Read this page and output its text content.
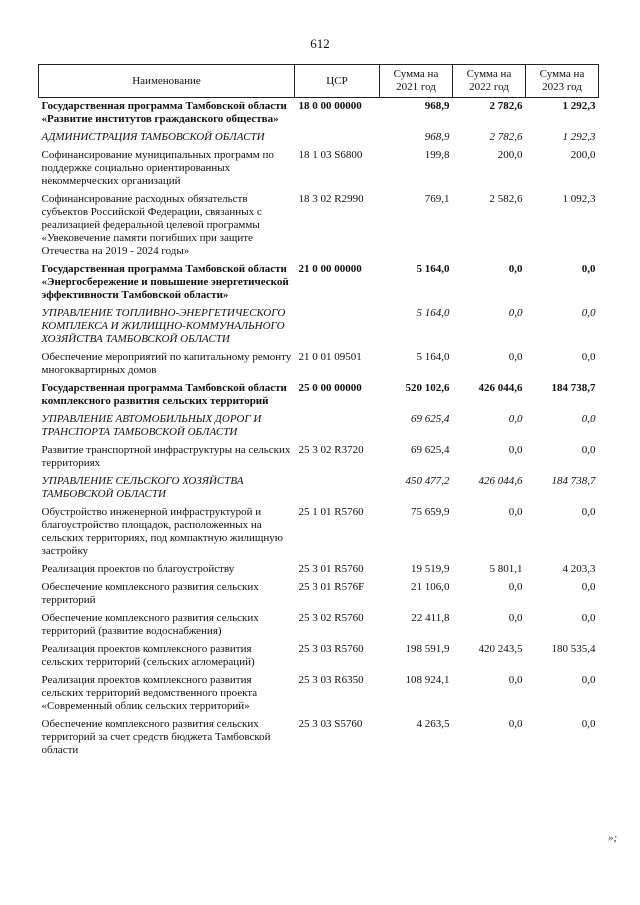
612
Наименование	ЦСР	Сумма на 2021 год	Сумма на 2022 год	Сумма на 2023 год
Государственная программа Тамбовской области «Развитие институтов гражданского общества»	18 0 00 00000	968,9	2 782,6	1 292,3
АДМИНИСТРАЦИЯ ТАМБОВСКОЙ ОБЛАСТИ		968,9	2 782,6	1 292,3
Софинансирование муниципальных программ по поддержке социально ориентированных некоммерческих организаций	18 1 03 S6800	199,8	200,0	200,0
Софинансирование расходных обязательств субъектов Российской Федерации, связанных с реализацией федеральной целевой программы «Увековечение памяти погибших при защите Отечества на 2019 - 2024 годы»	18 3 02 R2990	769,1	2 582,6	1 092,3
Государственная программа Тамбовской области «Энергосбережение и повышение энергетической эффективности Тамбовской области»	21 0 00 00000	5 164,0	0,0	0,0
УПРАВЛЕНИЕ ТОПЛИВНО-ЭНЕРГЕТИЧЕСКОГО КОМПЛЕКСА И ЖИЛИЩНО-КОММУНАЛЬНОГО ХОЗЯЙСТВА ТАМБОВСКОЙ ОБЛАСТИ		5 164,0	0,0	0,0
Обеспечение мероприятий по капитальному ремонту многоквартирных домов	21 0 01 09501	5 164,0	0,0	0,0
Государственная программа Тамбовской области комплексного развития сельских территорий	25 0 00 00000	520 102,6	426 044,6	184 738,7
УПРАВЛЕНИЕ АВТОМОБИЛЬНЫХ ДОРОГ И ТРАНСПОРТА ТАМБОВСКОЙ ОБЛАСТИ		69 625,4	0,0	0,0
Развитие транспортной инфраструктуры на сельских территориях	25 3 02 R3720	69 625,4	0,0	0,0
УПРАВЛЕНИЕ СЕЛЬСКОГО ХОЗЯЙСТВА ТАМБОВСКОЙ ОБЛАСТИ		450 477,2	426 044,6	184 738,7
Обустройство инженерной инфраструктурой и благоустройство площадок, расположенных на сельских территориях, под компактную жилищную застройку	25 1 01 R5760	75 659,9	0,0	0,0
Реализация проектов по благоустройству	25 3 01 R5760	19 519,9	5 801,1	4 203,3
Обеспечение комплексного развития сельских территорий	25 3 01 R576F	21 106,0	0,0	0,0
Обеспечение комплексного развития сельских территорий (развитие водоснабжения)	25 3 02 R5760	22 411,8	0,0	0,0
Реализация проектов комплексного развития сельских территорий (сельских агломераций)	25 3 03 R5760	198 591,9	420 243,5	180 535,4
Реализация проектов комплексного развития сельских территорий ведомственного проекта «Современный облик сельских территорий»	25 3 03 R6350	108 924,1	0,0	0,0
Обеспечение комплексного развития сельских территорий за счет средств бюджета Тамбовской области	25 3 03 S5760	4 263,5	0,0	0,0
»;
